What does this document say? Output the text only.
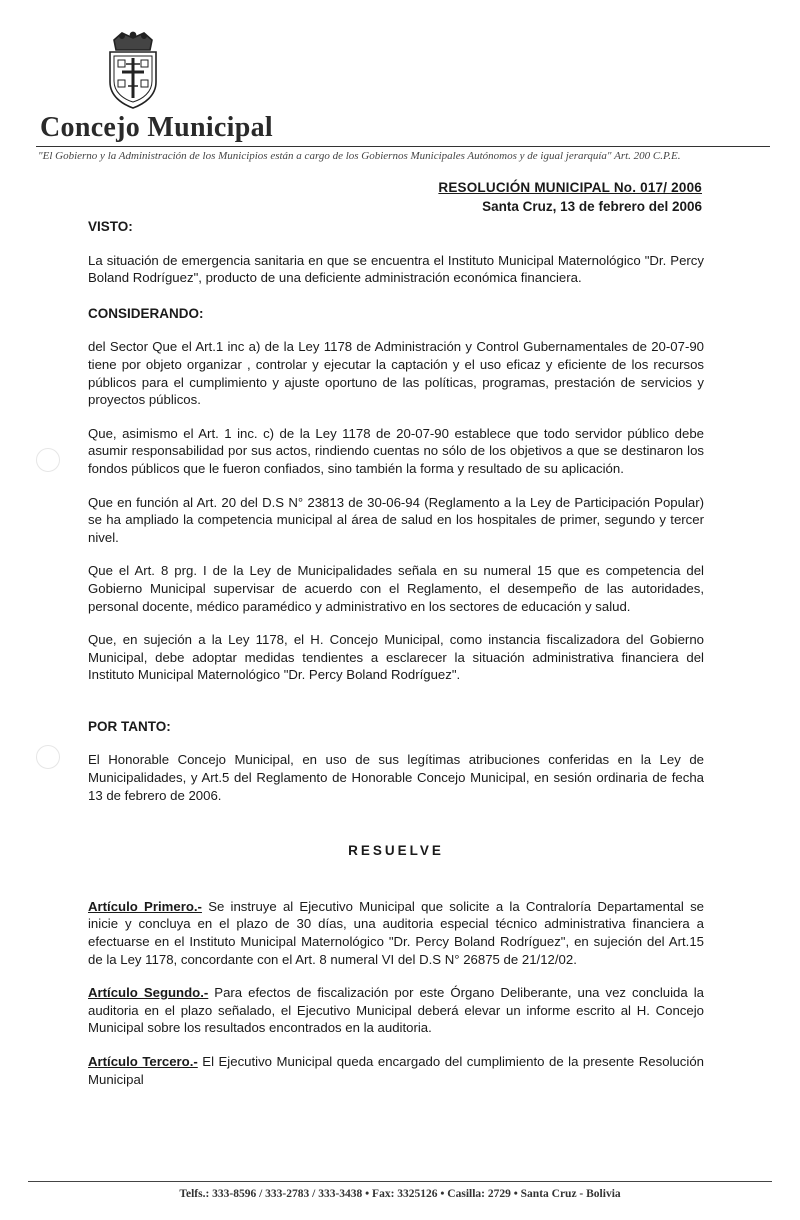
Concejo Municipal
"El Gobierno y la Administración de los Municipios están a cargo de los Gobiernos Municipales Autónomos y de igual jerarquía" Art. 200 C.P.E.
RESOLUCIÓN MUNICIPAL No. 017/ 2006
Santa Cruz, 13 de febrero del 2006

VISTO:

La situación de emergencia sanitaria en que se encuentra el Instituto Municipal Maternológico "Dr. Percy Boland Rodríguez", producto de una deficiente administración económica financiera.

CONSIDERANDO:

del Sector Que el Art.1 inc a) de la Ley 1178 de Administración y Control Gubernamentales de 20-07-90 tiene por objeto organizar , controlar y ejecutar la captación y el uso eficaz y eficiente de los recursos públicos para el cumplimiento y ajuste oportuno de las políticas, programas, prestación de servicios y proyectos públicos.

Que, asimismo el Art. 1 inc. c) de la Ley 1178 de 20-07-90 establece que todo servidor público debe asumir responsabilidad por sus actos, rindiendo cuentas no sólo de los objetivos a que se destinaron los fondos públicos que le fueron confiados, sino también la forma y resultado de su aplicación.

Que en función al Art. 20 del D.S N° 23813 de 30-06-94 (Reglamento a la Ley de Participación Popular) se ha ampliado la competencia municipal al área de salud en los hospitales de primer, segundo y tercer nivel.

Que el Art. 8 prg. I de la Ley de Municipalidades señala en su numeral 15 que es competencia del Gobierno Municipal supervisar de acuerdo con el Reglamento, el desempeño de las autoridades, personal docente, médico paramédico y administrativo en los sectores de educación y salud.

Que, en sujeción a la Ley 1178, el H. Concejo Municipal, como instancia fiscalizadora del Gobierno Municipal, debe adoptar medidas tendientes a esclarecer la situación administrativa financiera del Instituto Municipal Maternológico "Dr. Percy Boland Rodríguez".

POR TANTO:

El Honorable Concejo Municipal, en uso de sus legítimas atribuciones conferidas en la Ley de Municipalidades, y Art.5 del Reglamento de Honorable Concejo Municipal, en sesión ordinaria de fecha 13 de febrero de 2006.

RESUELVE

Artículo Primero.- Se instruye al Ejecutivo Municipal que solicite a la Contraloría Departamental se inicie y concluya en el plazo de 30 días, una auditoria especial técnico administrativa financiera a efectuarse en el Instituto Municipal Maternológico "Dr. Percy Boland Rodríguez", en sujeción del Art.15 de la Ley 1178, concordante con el Art. 8 numeral VI del D.S N° 26875 de 21/12/02.

Artículo Segundo.- Para efectos de fiscalización por este Órgano Deliberante, una vez concluida la auditoria en el plazo señalado, el Ejecutivo Municipal deberá elevar un informe escrito al H. Concejo Municipal sobre los resultados encontrados en la auditoria.

Artículo Tercero.- El Ejecutivo Municipal queda encargado del cumplimiento de la presente Resolución Municipal

Telfs.: 333-8596 / 333-2783 / 333-3438 • Fax: 3325126 • Casilla: 2729 • Santa Cruz - Bolivia
